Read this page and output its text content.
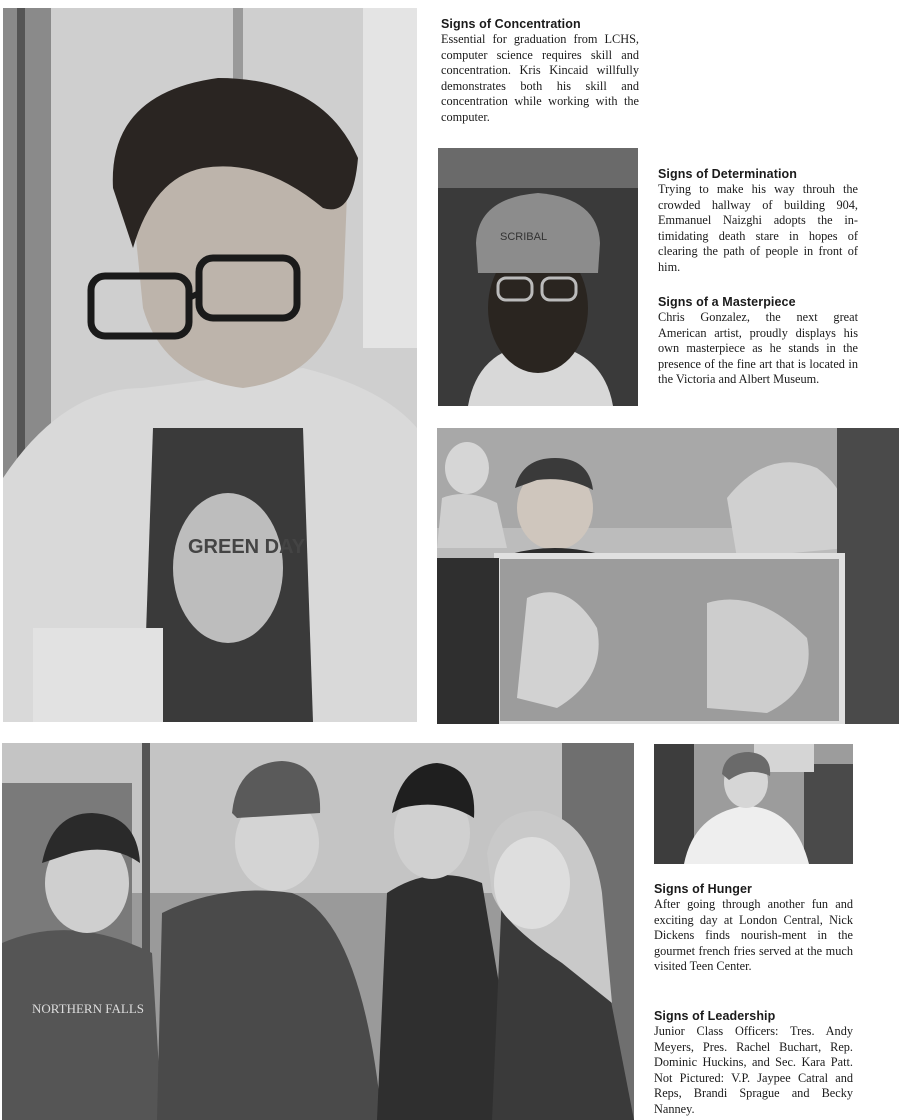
GREEN DAY
Signs of Concentration

Essential for graduation from LCHS, computer science requires skill and concentration. Kris Kincaid willfully demonstrates both his skill and concentration while working with the computer.

SCRIBAL
Signs of Determination

Trying to make his way throuh the crowded hallway of building 904, Emmanuel Naizghi adopts the in-timidating death stare in hopes of clearing the path of people in front of him.

Signs of a Masterpiece

Chris Gonzalez, the next great American artist, proudly displays his own masterpiece as he stands in the presence of the fine art that is located in the Victoria and Albert Museum.

NORTHERN FALLS
Signs of Hunger

After going through another fun and exciting day at London Central, Nick Dickens finds nourish-ment in the gourmet french fries served at the much visited Teen Center.

Signs of Leadership

Junior Class Officers: Tres. Andy Meyers, Pres. Rachel Buchart, Rep. Dominic Huckins, and Sec. Kara Patt. Not Pictured: V.P. Jaypee Catral and Reps, Brandi Sprague and Becky Nanney.
